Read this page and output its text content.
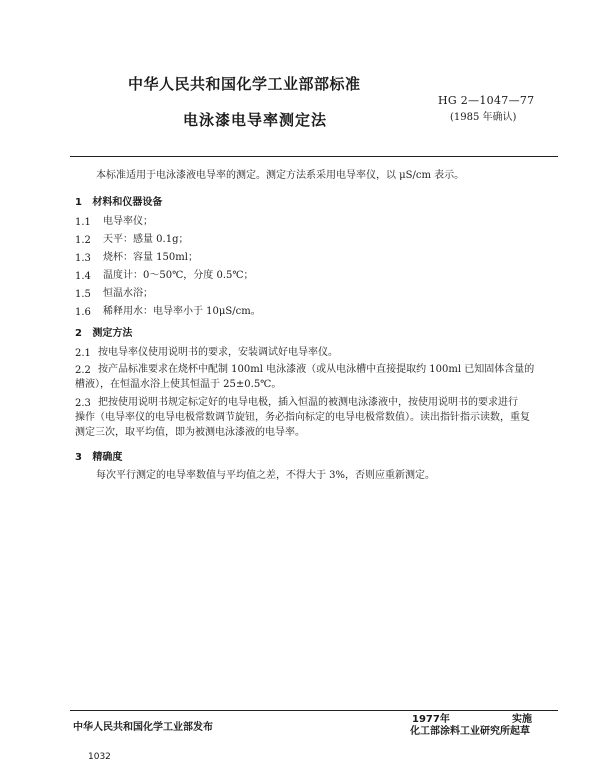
中华人民共和国化学工业部部标准
HG 2—1047—77
(1985 年确认)
电泳漆电导率测定法
本标准适用于电泳漆液电导率的测定。测定方法系采用电导率仪，以 μS/cm 表示。
1 材料和仪器设备
1.1 电导率仪；
1.2 天平：感量 0.1g；
1.3 烧杯：容量 150ml；
1.4 温度计：0～50℃，分度 0.5℃；
1.5 恒温水浴；
1.6 稀释用水：电导率小于 10μS/cm。
2 测定方法
2.1 按电导率仪使用说明书的要求，安装调试好电导率仪。
2.2 按产品标准要求在烧杯中配制 100ml 电泳漆液（或从电泳槽中直接提取约 100ml 已知固体含量的
槽液），在恒温水浴上使其恒温于 25±0.5℃。
2.3 把按使用说明书规定标定好的电导电极，插入恒温的被测电泳漆液中，按使用说明书的要求进行
操作（电导率仪的电导电极常数调节旋钮，务必指向标定的电导电极常数值）。读出指针指示读数，重复
测定三次，取平均值，即为被测电泳漆液的电导率。
3 精确度
每次平行测定的电导率数值与平均值之差，不得大于 3%，否则应重新测定。
中华人民共和国化学工业部发布
1977年	实施
化工部涂料工业研究所起草
1032
